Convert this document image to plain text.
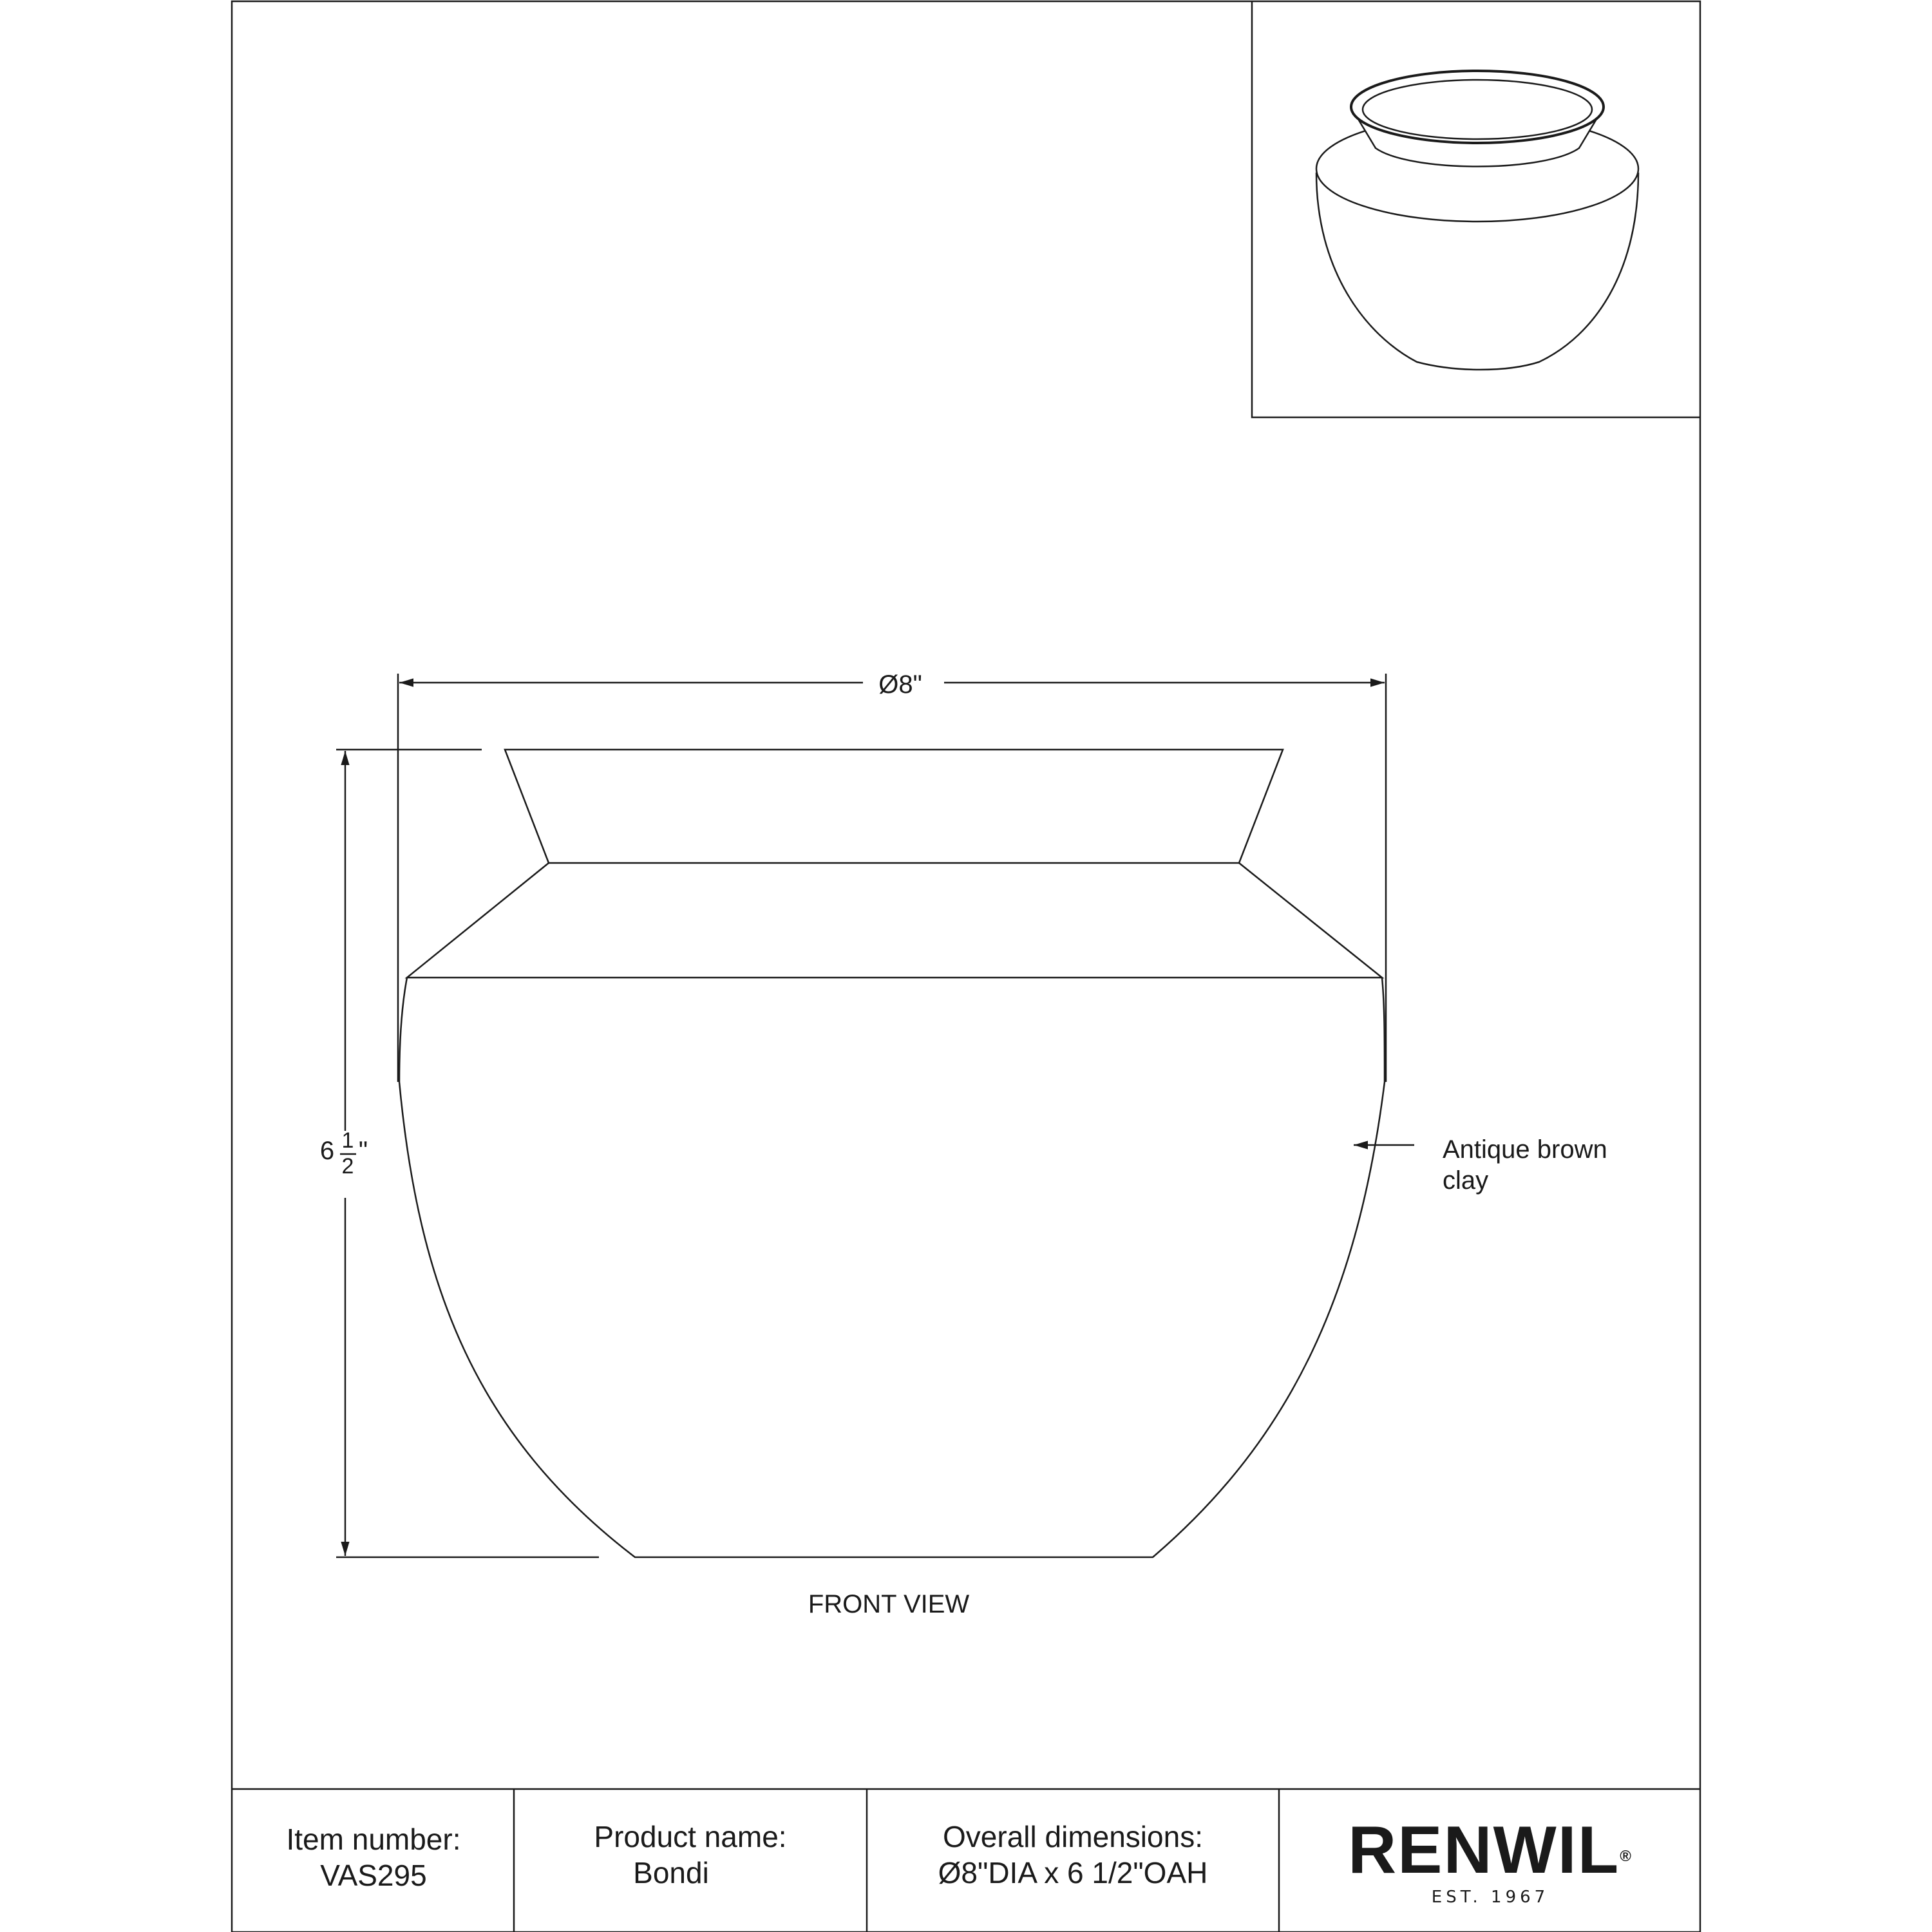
Ø8"
6 1
2
"	Antique brown
clay
FRONT VIEW
Item number:
VAS295
Product name:
Bondi
Overall dimensions:
Ø8"DIA x 6 1/2"OAH	RENWIL®
EST. 1967
